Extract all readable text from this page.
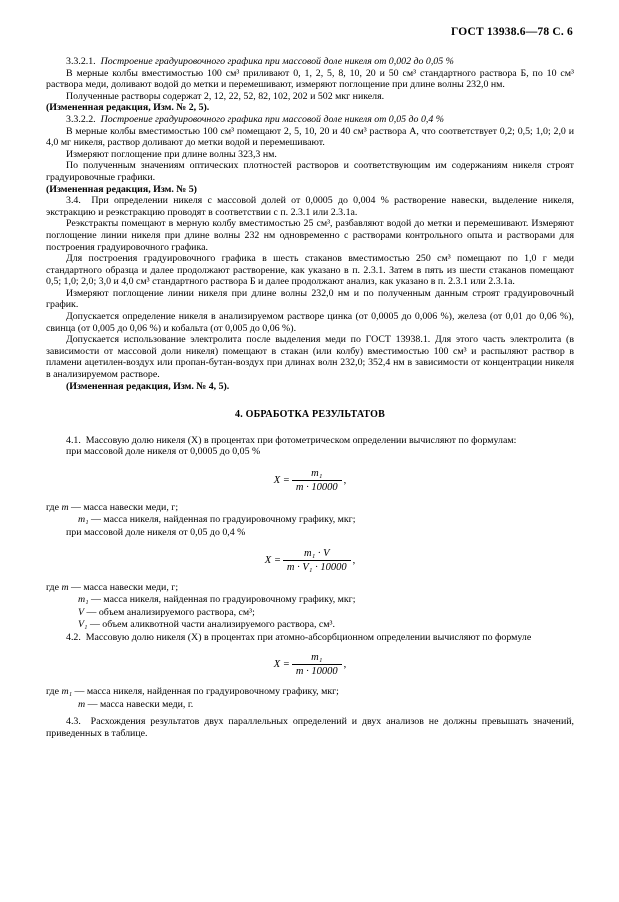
ГОСТ 13938.6—78 С. 6

3.3.2.1. Построение градуировочного графика при массовой доле никеля от 0,002 до 0,05 %

В мерные колбы вместимостью 100 см³ приливают 0, 1, 2, 5, 8, 10, 20 и 50 см³ стандартного раствора Б, по 10 см³ раствора меди, доливают водой до метки и перемешивают, измеряют поглощение при длине волны 232,0 нм.

Полученные растворы содержат 2, 12, 22, 52, 82, 102, 202 и 502 мкг никеля.

(Измененная редакция, Изм. № 2, 5).

3.3.2.2. Построение градуировочного графика при массовой доле никеля от 0,05 до 0,4 %

В мерные колбы вместимостью 100 см³ помещают 2, 5, 10, 20 и 40 см³ раствора А, что соответствует 0,2; 0,5; 1,0; 2,0 и 4,0 мг никеля, раствор доливают до метки водой и перемешивают.

Измеряют поглощение при длине волны 323,3 нм.

По полученным значениям оптических плотностей растворов и соответствующим им содержаниям никеля строят градуировочные графики.

(Измененная редакция, Изм. № 5)

3.4. При определении никеля с массовой долей от 0,0005 до 0,004 % растворение навески, выделение никеля, экстракцию и реэкстракцию проводят в соответствии с п. 2.3.1 или 2.3.1а.

Реэкстракты помещают в мерную колбу вместимостью 25 см³, разбавляют водой до метки и перемешивают. Измеряют поглощение линии никеля при длине волны 232 нм одновременно с растворами контрольного опыта и растворами для построения градуировочного графика.

Для построения градуировочного графика в шесть стаканов вместимостью 250 см³ помещают по 1,0 г меди стандартного образца и далее продолжают растворение, как указано в п. 2.3.1. Затем в пять из шести стаканов помещают 0,5; 1,0; 2,0; 3,0 и 4,0 см³ стандартного раствора Б и далее продолжают анализ, как указано в п. 2.3.1 или 2.3.1а.

Измеряют поглощение линии никеля при длине волны 232,0 нм и по полученным данным строят градуировочный график.

Допускается определение никеля в анализируемом растворе цинка (от 0,0005 до 0,006 %), железа (от 0,01 до 0,06 %), свинца (от 0,005 до 0,06 %) и кобальта (от 0,005 до 0,06 %).

Допускается использование электролита после выделения меди по ГОСТ 13938.1. Для этого часть электролита (в зависимости от массовой доли никеля) помещают в стакан (или колбу) вместимостью 100 см³ и распыляют раствор в пламени ацетилен-воздух или пропан-бутан-воздух при длинах волн 232,0; 352,4 нм в зависимости от концентрации никеля в анализируемом растворе.

(Измененная редакция, Изм. № 4, 5).

4. ОБРАБОТКА РЕЗУЛЬТАТОВ

4.1. Массовую долю никеля (Х) в процентах при фотометрическом определении вычисляют по формулам:

при массовой доле никеля от 0,0005 до 0,05 %

$X = \frac{\text{m₁}}{m \cdot 10000}$ ,
где m — масса навески меди, г;
m₁ — масса никеля, найденная по градуировочному графику, мкг;

при массовой доле никеля от 0,05 до 0,4 %

$X = \frac{\text{m₁ · V}}{\text{m · V₁ · 10000}}$ ,
где m — масса навески меди, г;
m₁ — масса никеля, найденная по градуировочному графику, мкг;
V — объем анализируемого раствора, см³;
V₁ — объем аликвотной части анализируемого раствора, см³.

4.2. Массовую долю никеля (Х) в процентах при атомно-абсорбционном определении вычисляют по формуле

$X = \frac{\text{m₁}}{m \cdot 10000}$ ,
где m₁ — масса никеля, найденная по градуировочному графику, мкг;
m — масса навески меди, г.

4.3. Расхождения результатов двух параллельных определений и двух анализов не должны превышать значений, приведенных в таблице.
